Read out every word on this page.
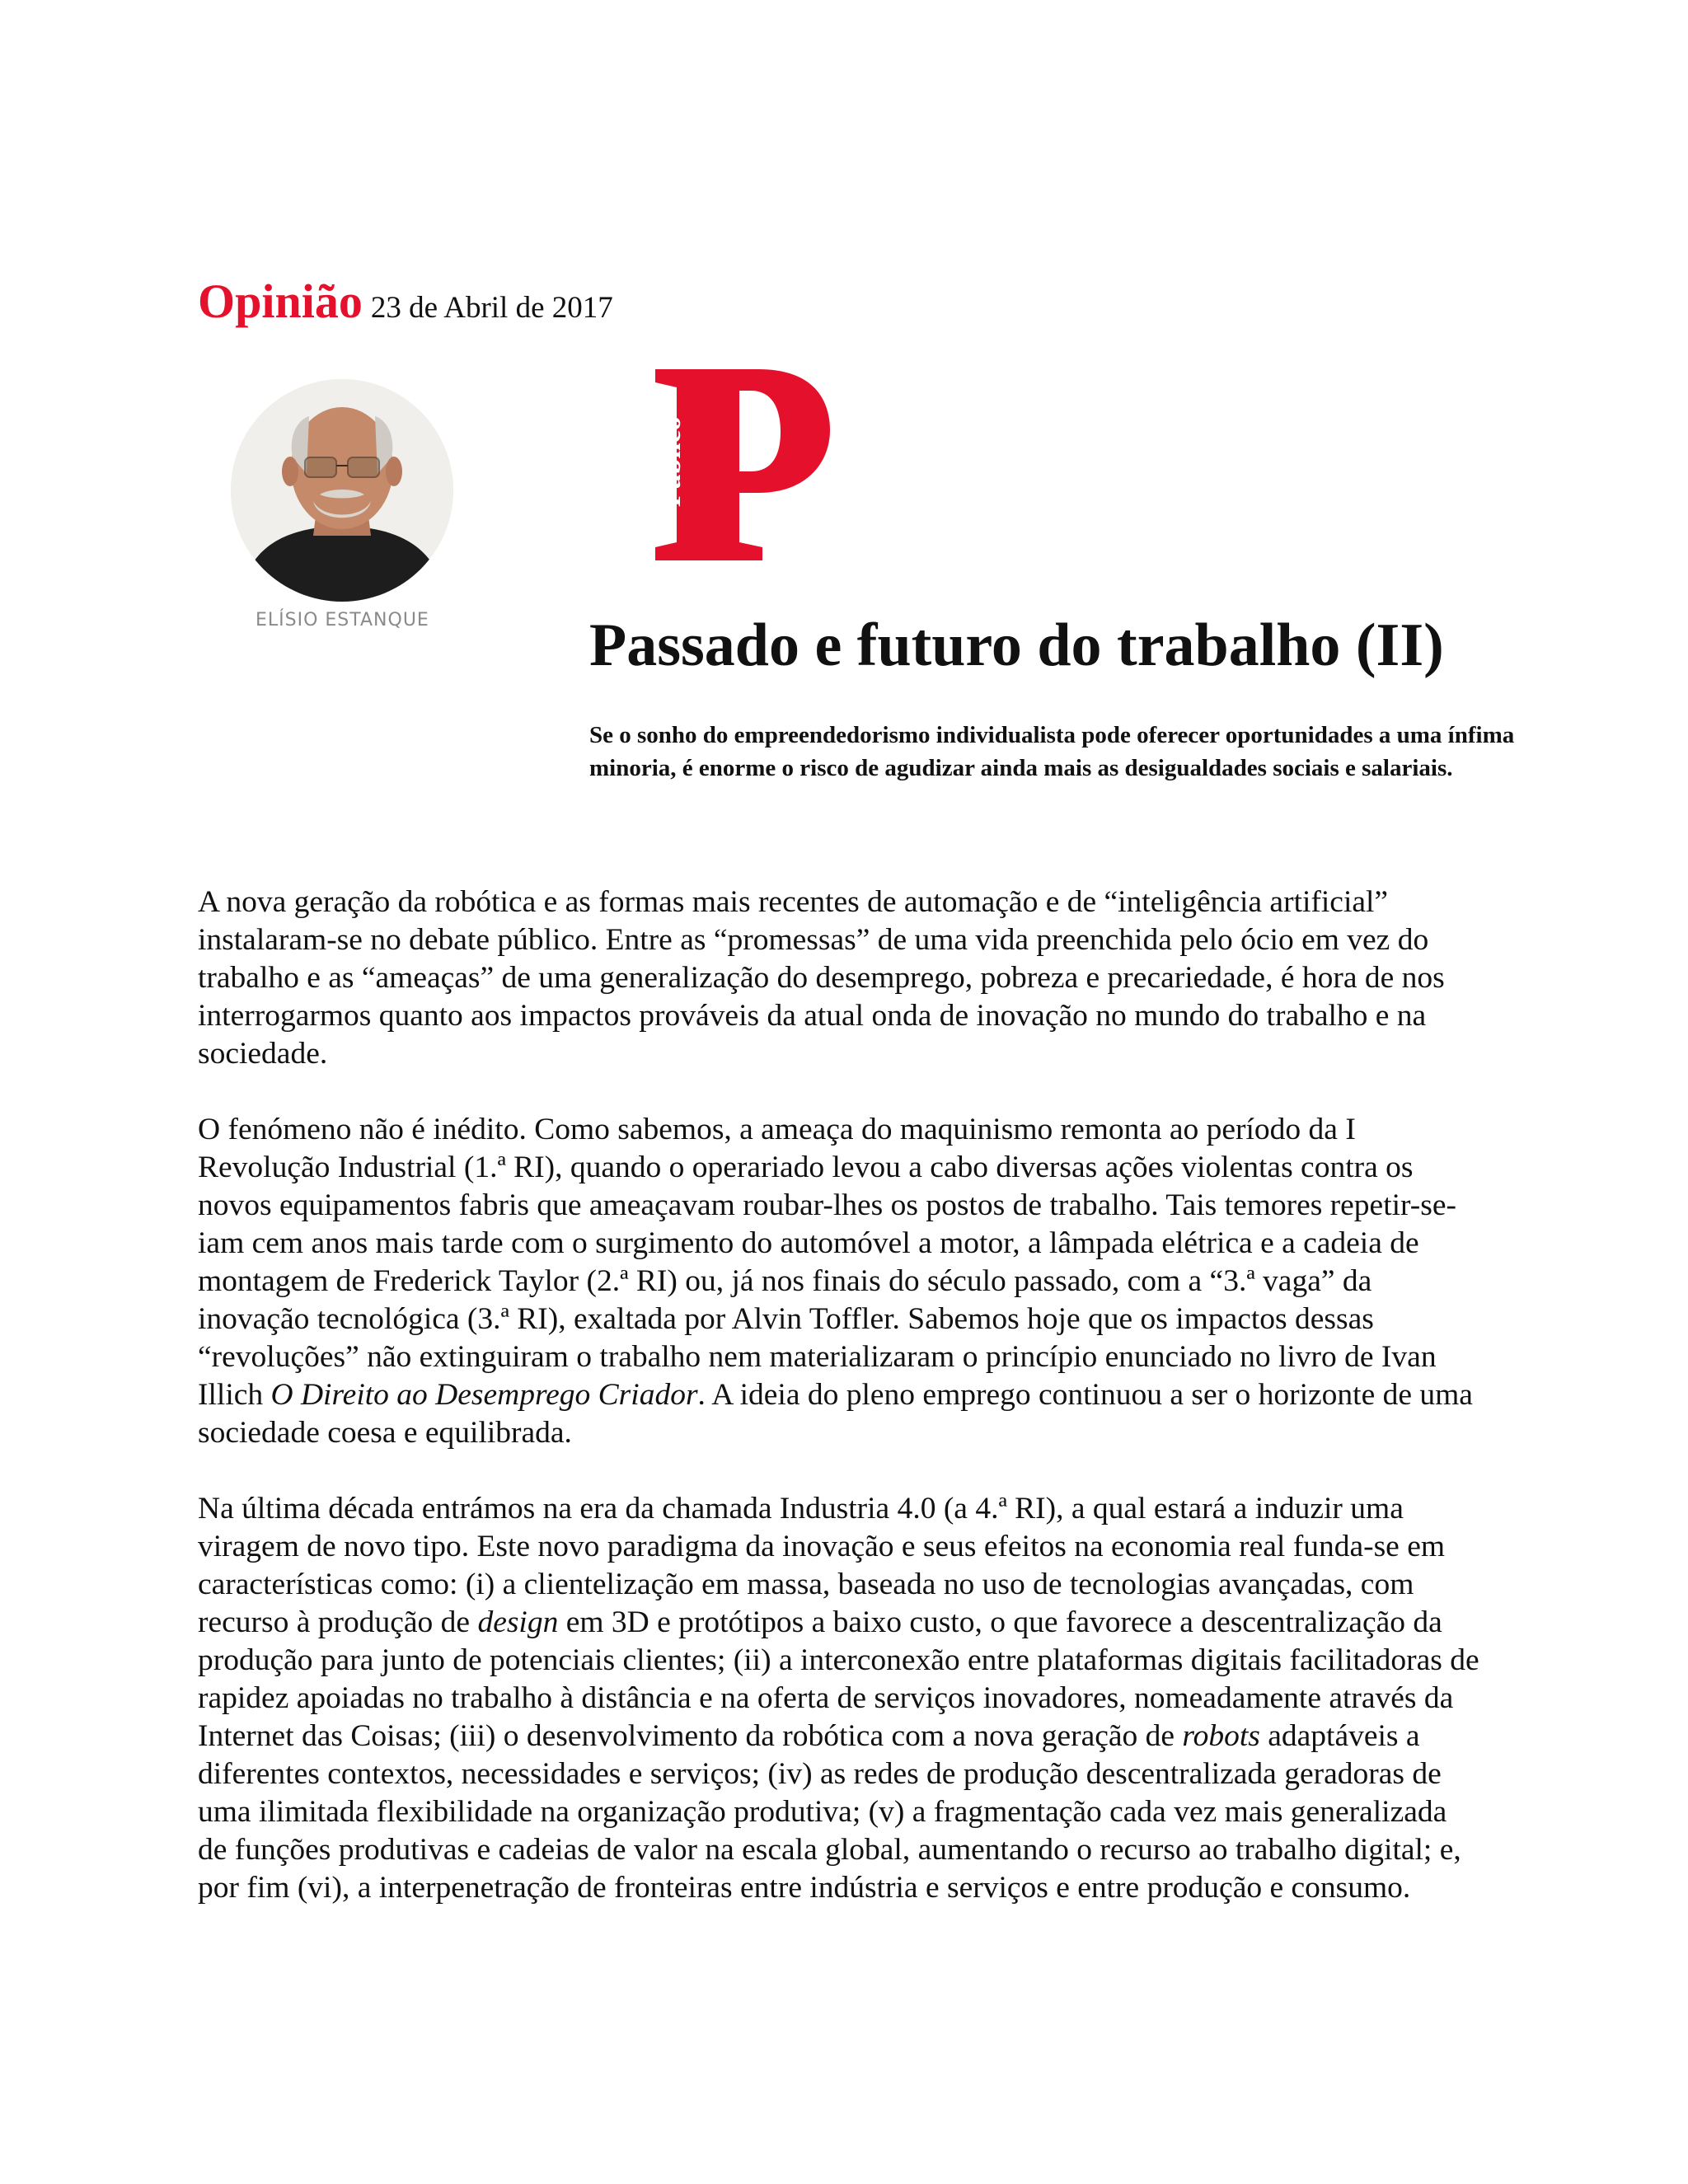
Opinião 23 de Abril de 2017
ELÍSIO ESTANQUE
Público
Passado e futuro do trabalho (II)

Se o sonho do empreendedorismo individualista pode oferecer oportunidades a uma ínfima minoria, é enorme o risco de agudizar ainda mais as desigualdades sociais e salariais.

A nova geração da robótica e as formas mais recentes de automação e de “inteligência artificial” instalaram-se no debate público. Entre as “promessas” de uma vida preenchida pelo ócio em vez do trabalho e as “ameaças” de uma generalização do desemprego, pobreza e precariedade, é hora de nos interrogarmos quanto aos impactos prováveis da atual onda de inovação no mundo do trabalho e na sociedade.

O fenómeno não é inédito. Como sabemos, a ameaça do maquinismo remonta ao período da I Revolução Industrial (1.ª RI), quando o operariado levou a cabo diversas ações violentas contra os novos equipamentos fabris que ameaçavam roubar-lhes os postos de trabalho. Tais temores repetir-se-iam cem anos mais tarde com o surgimento do automóvel a motor, a lâmpada elétrica e a cadeia de montagem de Frederick Taylor (2.ª RI) ou, já nos finais do século passado, com a “3.ª vaga” da inovação tecnológica (3.ª RI), exaltada por Alvin Toffler. Sabemos hoje que os impactos dessas “revoluções” não extinguiram o trabalho nem materializaram o princípio enunciado no livro de Ivan Illich O Direito ao Desemprego Criador. A ideia do pleno emprego continuou a ser o horizonte de uma sociedade coesa e equilibrada.

Na última década entrámos na era da chamada Industria 4.0 (a 4.ª RI), a qual estará a induzir uma viragem de novo tipo. Este novo paradigma da inovação e seus efeitos na economia real funda-se em características como: (i) a clientelização em massa, baseada no uso de tecnologias avançadas, com recurso à produção de design em 3D e protótipos a baixo custo, o que favorece a descentralização da produção para junto de potenciais clientes; (ii) a interconexão entre plataformas digitais facilitadoras de rapidez apoiadas no trabalho à distância e na oferta de serviços inovadores, nomeadamente através da Internet das Coisas; (iii) o desenvolvimento da robótica com a nova geração de robots adaptáveis a diferentes contextos, necessidades e serviços; (iv) as redes de produção descentralizada geradoras de uma ilimitada flexibilidade na organização produtiva; (v) a fragmentação cada vez mais generalizada de funções produtivas e cadeias de valor na escala global, aumentando o recurso ao trabalho digital; e, por fim (vi), a interpenetração de fronteiras entre indústria e serviços e entre produção e consumo.
